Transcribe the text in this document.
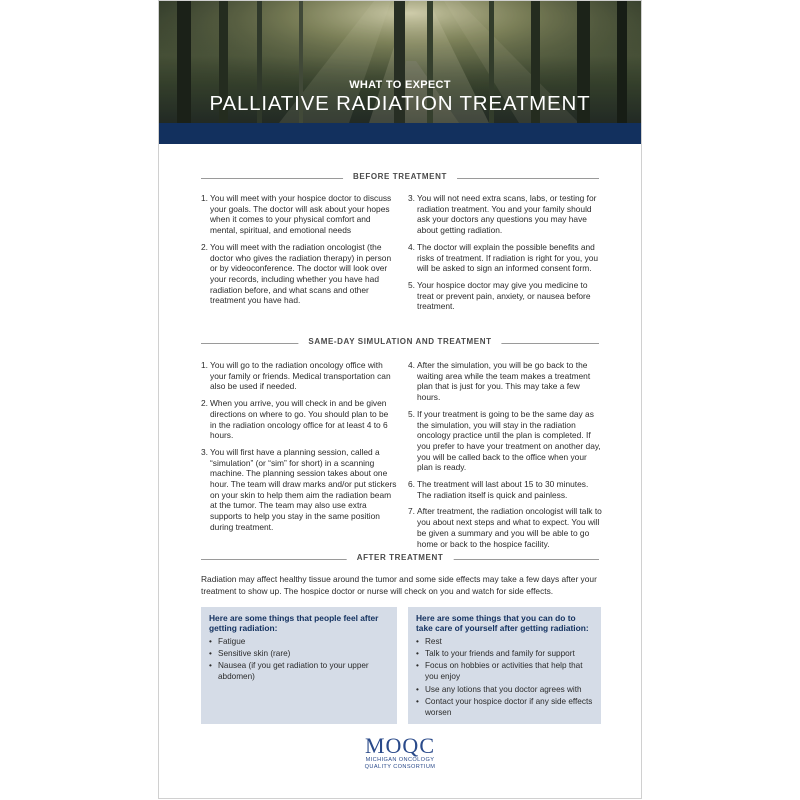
WHAT TO EXPECT
PALLIATIVE RADIATION TREATMENT
BEFORE TREATMENT
1. You will meet with your hospice doctor to discuss your goals. The doctor will ask about your hopes when it comes to your physical comfort and mental, spiritual, and emotional needs
2. You will meet with the radiation oncologist (the doctor who gives the radiation therapy) in person or by videoconference. The doctor will look over your records, including whether you have had radiation before, and what scans and other treatment you have had.
3. You will not need extra scans, labs, or testing for radiation treatment. You and your family should ask your doctors any questions you may have about getting radiation.
4. The doctor will explain the possible benefits and risks of treatment. If radiation is right for you, you will be asked to sign an informed consent form.
5. Your hospice doctor may give you medicine to treat or prevent pain, anxiety, or nausea before treatment.
SAME-DAY SIMULATION AND TREATMENT
1. You will go to the radiation oncology office with your family or friends. Medical transportation can also be used if needed.
2. When you arrive, you will check in and be given directions on where to go. You should plan to be in the radiation oncology office for at least 4 to 6 hours.
3. You will first have a planning session, called a “simulation” (or “sim” for short) in a scanning machine. The planning session takes about one hour. The team will draw marks and/or put stickers on your skin to help them aim the radiation beam at the tumor. The team may also use extra supports to help you stay in the same position during treatment.
4. After the simulation, you will be go back to the waiting area while the team makes a treatment plan that is just for you. This may take a few hours.
5. If your treatment is going to be the same day as the simulation, you will stay in the radiation oncology practice until the plan is completed. If you prefer to have your treatment on another day, you will be called back to the office when your plan is ready.
6. The treatment will last about 15 to 30 minutes. The radiation itself is quick and painless.
7. After treatment, the radiation oncologist will talk to you about next steps and what to expect. You will be given a summary and you will be able to go home or back to the hospice facility.
AFTER TREATMENT
Radiation may affect healthy tissue around the tumor and some side effects may take a few days after your treatment to show up. The hospice doctor or nurse will check on you and watch for side effects.
Here are some things that people feel after getting radiation:
• Fatigue
• Sensitive skin (rare)
• Nausea (if you get radiation to your upper abdomen)
Here are some things that you can do to take care of yourself after getting radiation:
• Rest
• Talk to your friends and family for support
• Focus on hobbies or activities that help that you enjoy
• Use any lotions that you doctor agrees with
• Contact your hospice doctor if any side effects worsen
MOQC
MICHIGAN ONCOLOGY
QUALITY CONSORTIUM
